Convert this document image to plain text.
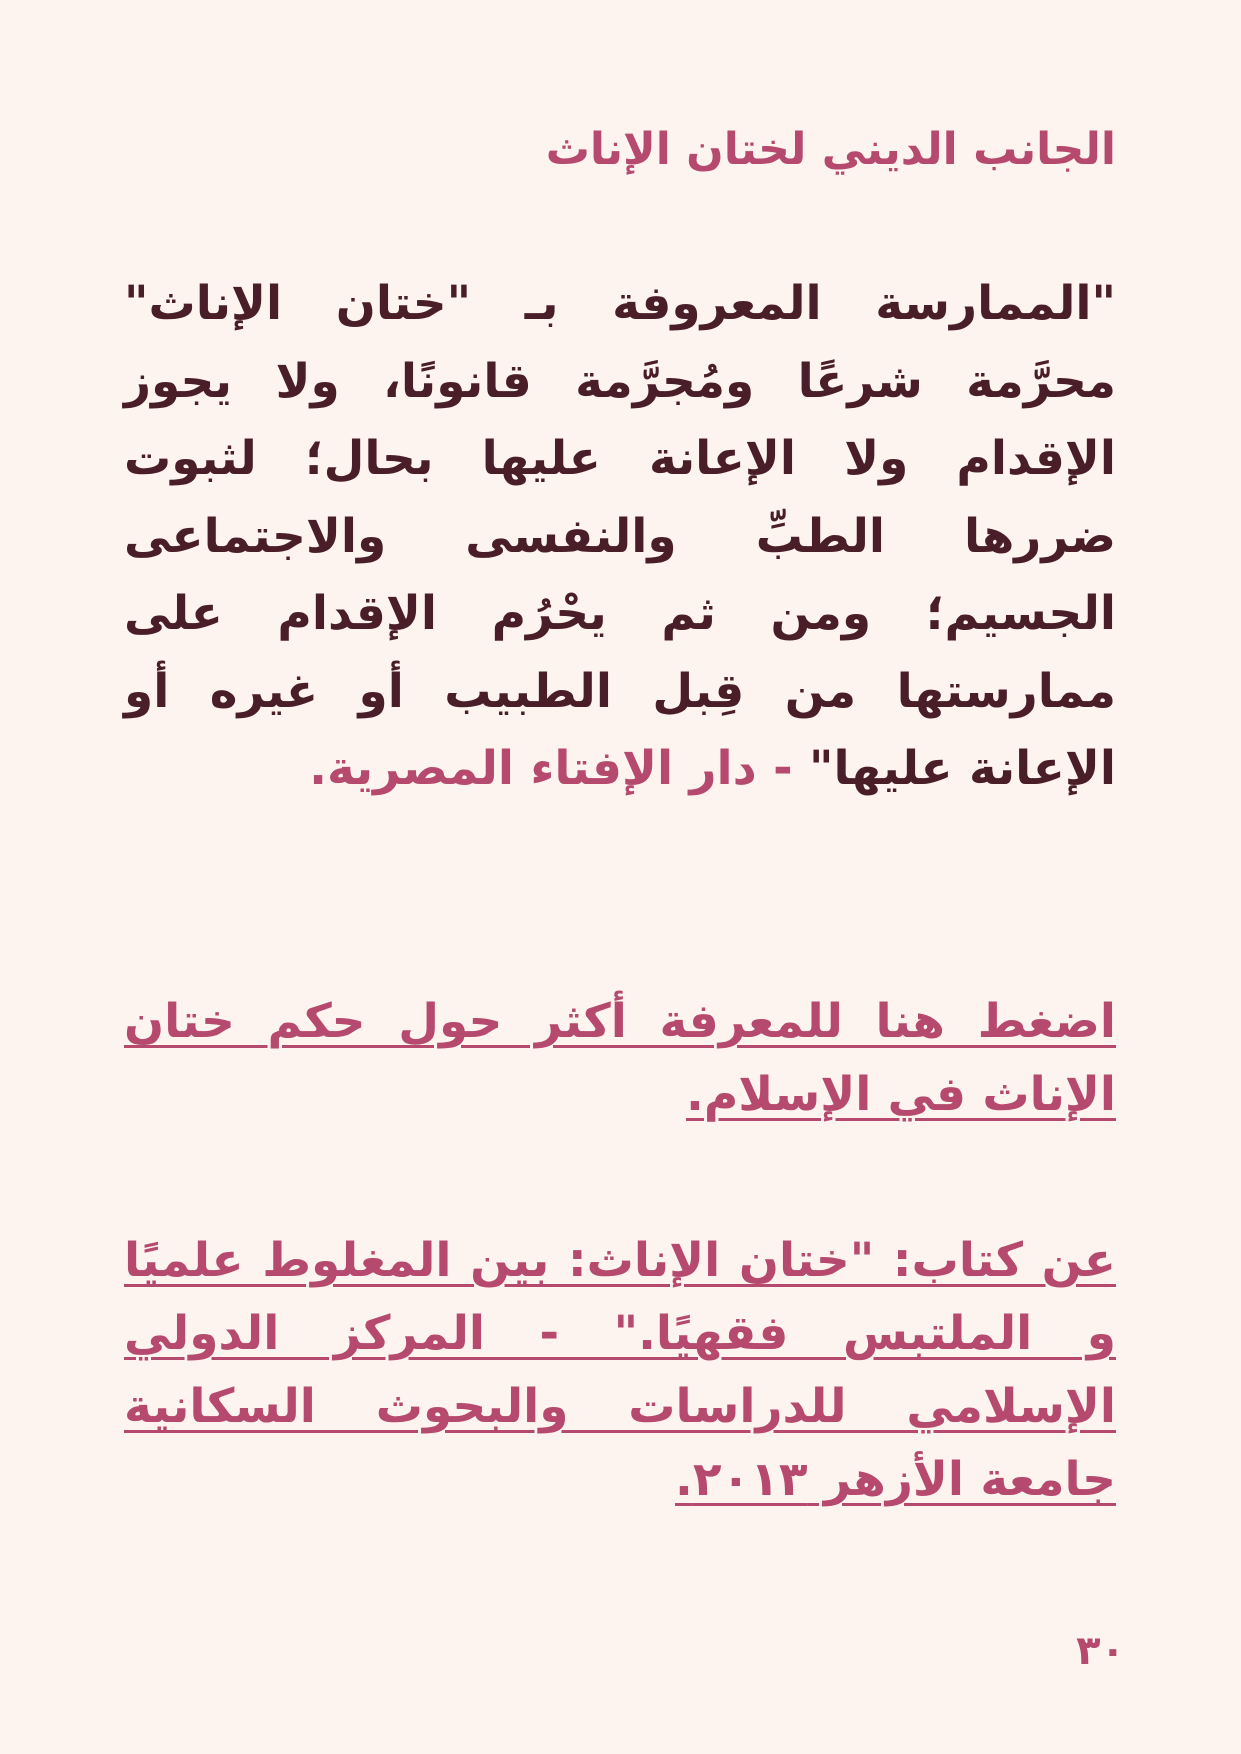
الجانب الديني لختان الإناث

"الممارسة المعروفة بـ "ختان الإناث" محرَّمة شرعًا ومُجرَّمة قانونًا، ولا يجوز الإقدام ولا الإعانة عليها بحال؛ لثبوت ضررها الطبِّ والنفسى والاجتماعى الجسيم؛ ومن ثم يحْرُم الإقدام على ممارستها من قِبل الطبيب أو غيره أو الإعانة عليها" - دار الإفتاء المصرية.

اضغط هنا للمعرفة أكثر حول حكم ختان الإناث في الإسلام.

عن كتاب: "ختان الإناث: بين المغلوط علميًا و الملتبس فقهيًا." - المركز الدولي الإسلامي للدراسات والبحوث السكانية جامعة الأزهر ٢٠١٣.

٣٠
